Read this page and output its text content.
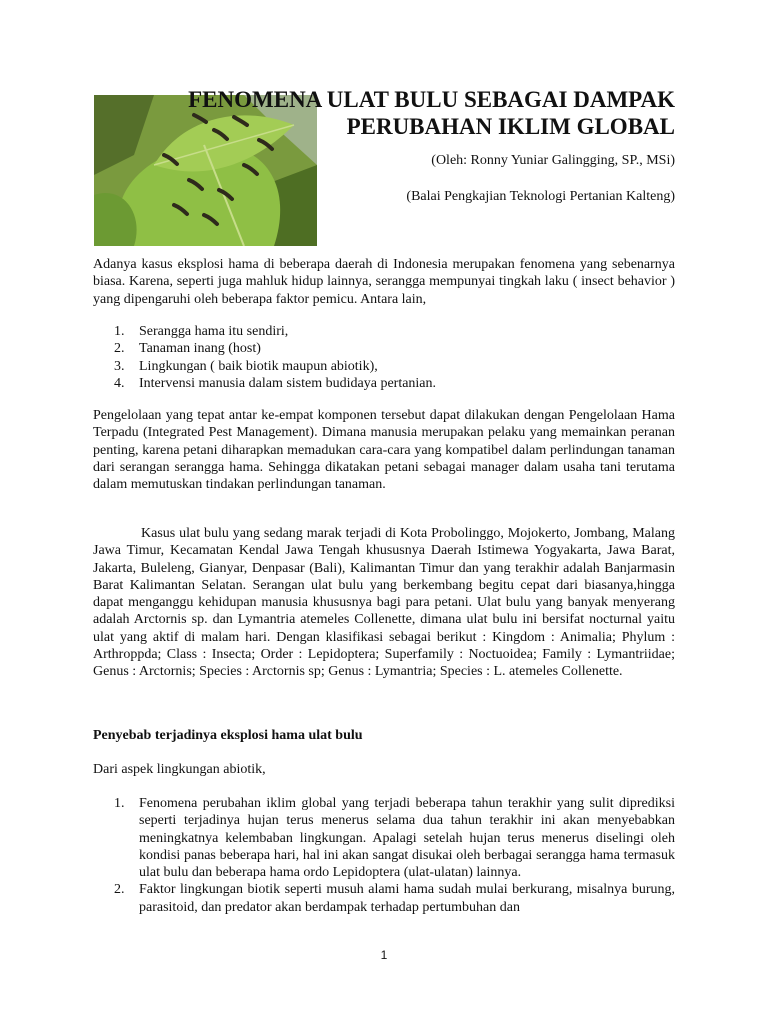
FENOMENA ULAT BULU SEBAGAI DAMPAK
PERUBAHAN IKLIM GLOBAL
(Oleh: Ronny Yuniar Galingging, SP., MSi)
(Balai Pengkajian Teknologi Pertanian Kalteng)
Adanya kasus eksplosi hama di beberapa daerah di Indonesia merupakan fenomena yang sebenarnya biasa. Karena, seperti juga mahluk hidup lainnya, serangga mempunyai tingkah laku ( insect behavior ) yang dipengaruhi oleh beberapa faktor pemicu. Antara lain,
1. Serangga hama itu sendiri,
2. Tanaman inang (host)
3. Lingkungan ( baik biotik maupun abiotik),
4. Intervensi manusia dalam sistem budidaya pertanian.
Pengelolaan yang tepat antar ke-empat komponen tersebut dapat dilakukan dengan Pengelolaan Hama Terpadu (Integrated Pest Management). Dimana manusia merupakan pelaku yang memainkan peranan penting, karena petani diharapkan memadukan cara-cara yang kompatibel dalam perlindungan tanaman dari serangan serangga hama. Sehingga dikatakan petani sebagai manager dalam usaha tani terutama dalam memutuskan tindakan perlindungan tanaman.
Kasus ulat bulu yang sedang marak terjadi di Kota Probolinggo, Mojokerto, Jombang, Malang Jawa Timur, Kecamatan Kendal Jawa Tengah khususnya Daerah Istimewa Yogyakarta, Jawa Barat, Jakarta, Buleleng, Gianyar, Denpasar (Bali), Kalimantan Timur dan yang terakhir adalah Banjarmasin Barat Kalimantan Selatan. Serangan ulat bulu yang berkembang begitu cepat dari biasanya,hingga dapat menganggu kehidupan manusia khususnya bagi para petani. Ulat bulu yang banyak menyerang adalah Arctornis sp. dan Lymantria atemeles Collenette, dimana ulat bulu ini bersifat nocturnal yaitu ulat yang aktif di malam hari. Dengan klasifikasi sebagai berikut : Kingdom : Animalia; Phylum : Arthroppda; Class : Insecta; Order : Lepidoptera; Superfamily : Noctuoidea; Family : Lymantriidae; Genus : Arctornis; Species : Arctornis sp; Genus : Lymantria; Species : L. atemeles Collenette.
Penyebab terjadinya eksplosi hama ulat bulu
Dari aspek lingkungan abiotik,
1. Fenomena perubahan iklim global yang terjadi beberapa tahun terakhir yang sulit diprediksi seperti terjadinya hujan terus menerus selama dua tahun terakhir ini akan menyebabkan meningkatnya kelembaban lingkungan. Apalagi setelah hujan terus menerus diselingi oleh kondisi panas beberapa hari, hal ini akan sangat disukai oleh berbagai serangga hama termasuk ulat bulu dan beberapa hama ordo Lepidoptera (ulat-ulatan) lainnya.
2. Faktor lingkungan biotik seperti musuh alami hama sudah mulai berkurang, misalnya burung, parasitoid, dan predator akan berdampak terhadap pertumbuhan dan
1
